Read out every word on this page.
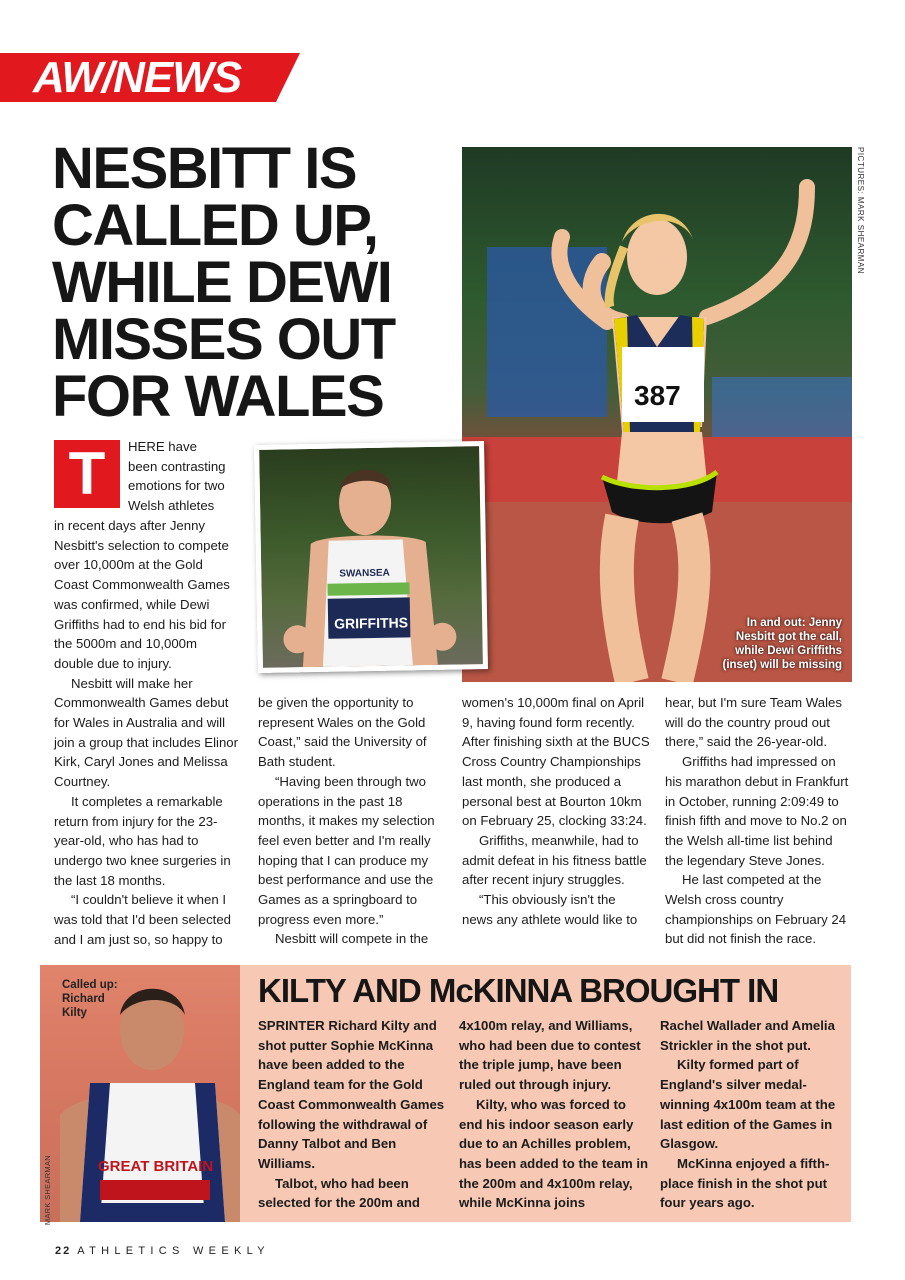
AW/NEWS
NESBITT IS
CALLED UP,
WHILE DEWI
MISSES OUT
FOR WALES	387
In and out: Jenny
Nesbitt got the call,
while Dewi Griffiths
(inset) will be missing
PICTURES: MARK SHEARMAN
SWANSEA
GRIFFITHS
T	HERE have
been contrasting
emotions for two
Welsh athletes

in recent days after Jenny Nesbitt's selection to compete over 10,000m at the Gold Coast Commonwealth Games was confirmed, while Dewi Griffiths had to end his bid for the 5000m and 10,000m double due to injury.

Nesbitt will make her Commonwealth Games debut for Wales in Australia and will join a group that includes Elinor Kirk, Caryl Jones and Melissa Courtney.

It completes a remarkable return from injury for the 23-year-old, who has had to undergo two knee surgeries in the last 18 months.

“I couldn't believe it when I was told that I'd been selected and I am just so, so happy to

be given the opportunity to represent Wales on the Gold Coast,” said the University of Bath student.

“Having been through two operations in the past 18 months, it makes my selection feel even better and I'm really hoping that I can produce my best performance and use the Games as a springboard to progress even more.”

Nesbitt will compete in the

women's 10,000m final on April 9, having found form recently. After finishing sixth at the BUCS Cross Country Championships last month, she produced a personal best at Bourton 10km on February 25, clocking 33:24.

Griffiths, meanwhile, had to admit defeat in his fitness battle after recent injury struggles.

“This obviously isn't the news any athlete would like to

hear, but I'm sure Team Wales will do the country proud out there,” said the 26-year-old.

Griffiths had impressed on his marathon debut in Frankfurt in October, running 2:09:49 to finish fifth and move to No.2 on the Welsh all-time list behind the legendary Steve Jones.

He last competed at the Welsh cross country championships on February 24 but did not finish the race.

GREAT BRITAIN
Called up:
Richard
Kilty
MARK SHEARMAN
KILTY AND McKINNA BROUGHT IN

SPRINTER Richard Kilty and shot putter Sophie McKinna have been added to the England team for the Gold Coast Commonwealth Games following the withdrawal of Danny Talbot and Ben Williams.

Talbot, who had been selected for the 200m and

4x100m relay, and Williams, who had been due to contest the triple jump, have been ruled out through injury.

Kilty, who was forced to end his indoor season early due to an Achilles problem, has been added to the team in the 200m and 4x100m relay, while McKinna joins

Rachel Wallader and Amelia Strickler in the shot put.

Kilty formed part of England's silver medal-winning 4x100m team at the last edition of the Games in Glasgow.

McKinna enjoyed a fifth-place finish in the shot put four years ago.

22 ATHLETICS WEEKLY
